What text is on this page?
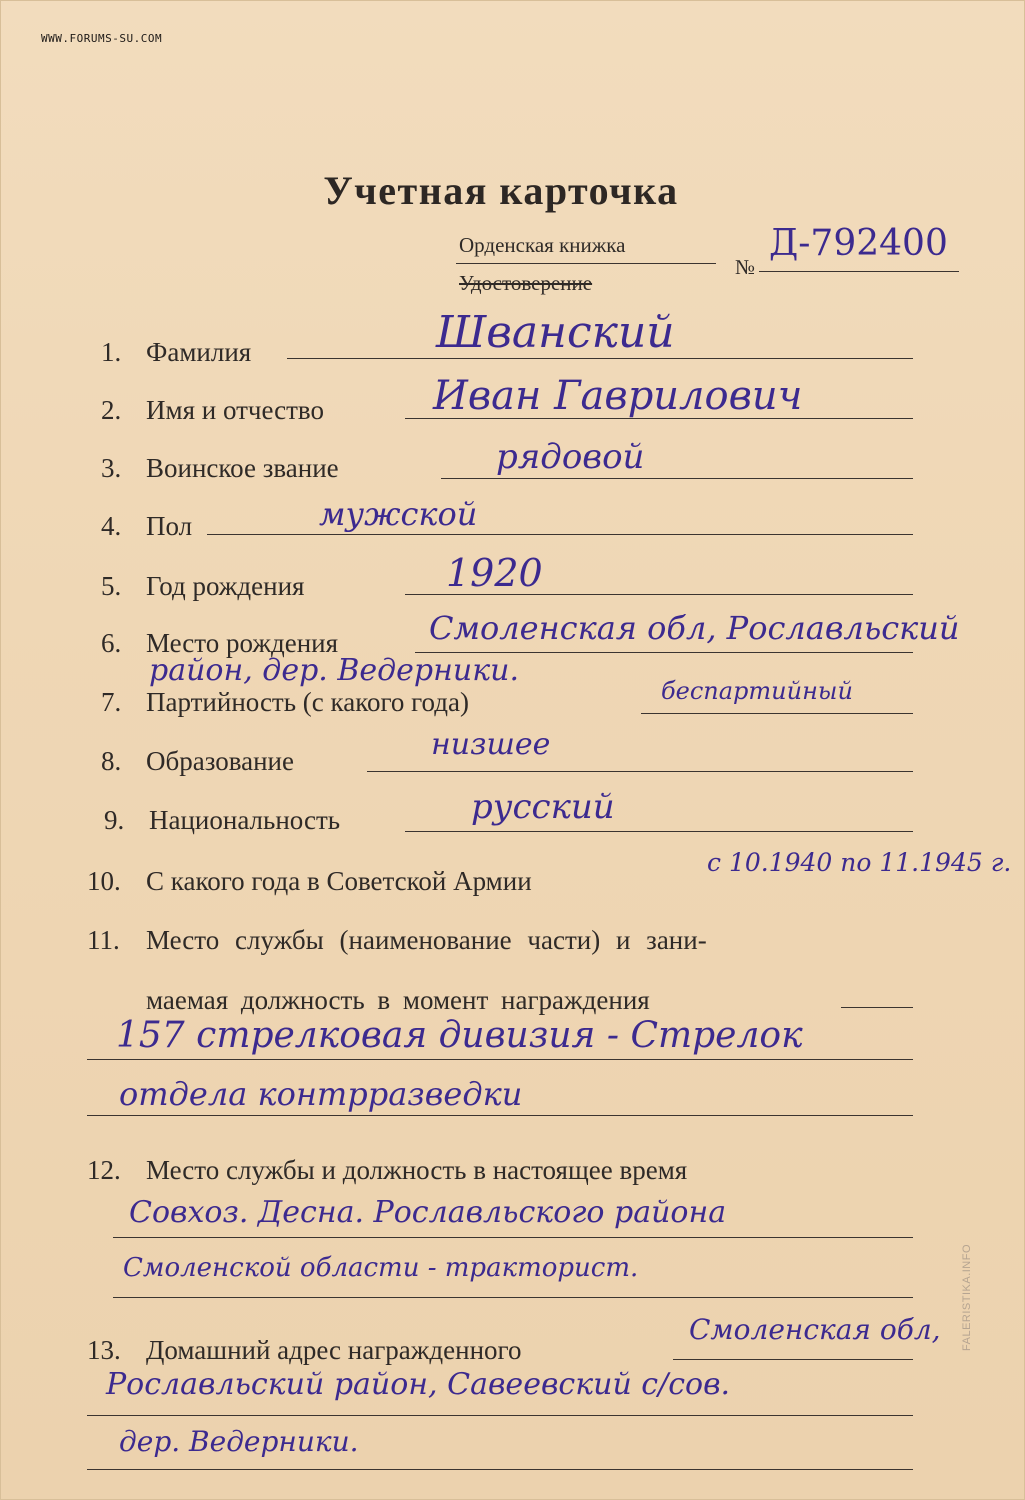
WWW.FORUMS-SU.COM
FALERISTIKA.INFO
Учетная карточка
Орденская книжка
Удостоверение
№
Д-792400
1. Фамилия	Шванский
2. Имя и отчество	Иван Гаврилович
3. Воинское звание	рядовой
4. Пол	мужской
5. Год рождения	1920
6. Место рождения	Смоленская обл, Рославльский
район, дер. Ведерники.
7. Партийность (с какого года)	беспартийный
8. Образование	низшее
9. Национальность	русский
10. С какого года в Советской Армии
с 10.1940 по 11.1945 г.
11. Место службы (наименование части) и зани-
маемая должность в момент награждения
157 стрелковая дивизия - Стрелок
отдела контрразведки
12. Место службы и должность в настоящее время
Совхоз. Десна. Рославльского района
Смоленской области - тракторист.
13. Домашний адрес награжденного
Смоленская обл,
Рославльский район, Савеевский с/сов.
дер. Ведерники.
